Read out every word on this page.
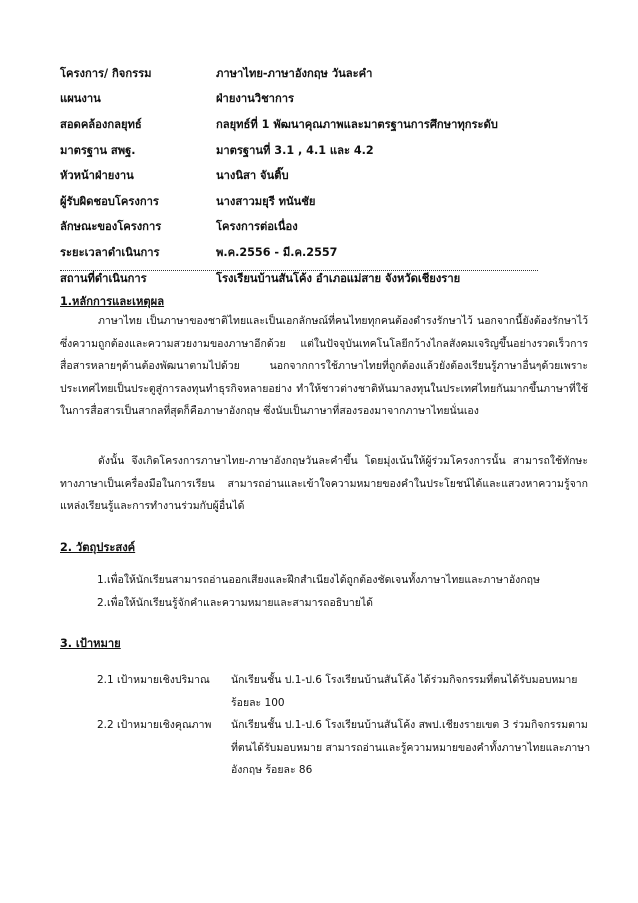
โครงการ/ กิจกรรม	ภาษาไทย-ภาษาอังกฤษ วันละคำ
แผนงาน	ฝ่ายงานวิชาการ
สอดคล้องกลยุทธ์	กลยุทธ์ที่ 1 พัฒนาคุณภาพและมาตรฐานการศึกษาทุกระดับ
มาตรฐาน สพฐ.	มาตรฐานที่ 3.1 , 4.1 และ 4.2
หัวหน้าฝ่ายงาน	นางนิสา จันติ๊บ
ผู้รับผิดชอบโครงการ	นางสาวมยุรี ทนันชัย
ลักษณะของโครงการ	โครงการต่อเนื่อง
ระยะเวลาดำเนินการ	พ.ค.2556 - มี.ค.2557
สถานที่ดำเนินการ	โรงเรียนบ้านสันโค้ง อำเภอแม่สาย จังหวัดเชียงราย
1.หลักการและเหตุผล
ภาษาไทย เป็นภาษาของชาติไทยและเป็นเอกลักษณ์ที่คนไทยทุกคนต้องดำรงรักษาไว้ นอกจากนี้ยังต้องรักษาไว้ซึ่งความถูกต้องและความสวยงามของภาษาอีกด้วย แต่ในปัจจุบันเทคโนโลยีกว้างไกลสังคมเจริญขึ้นอย่างรวดเร็วการสื่อสารหลายๆด้านต้องพัฒนาตามไปด้วย นอกจากการใช้ภาษาไทยที่ถูกต้องแล้วยังต้องเรียนรู้ภาษาอื่นๆด้วยเพราะประเทศไทยเป็นประตูสู่การลงทุนทำธุรกิจหลายอย่าง ทำให้ชาวต่างชาติหันมาลงทุนในประเทศไทยกันมากขึ้นภาษาที่ใช้ในการสื่อสารเป็นสากลที่สุดก็คือภาษาอังกฤษ ซึ่งนับเป็นภาษาที่สองรองมาจากภาษาไทยนั่นเอง
ดังนั้น จึงเกิดโครงการภาษาไทย-ภาษาอังกฤษวันละคำขึ้น โดยมุ่งเน้นให้ผู้ร่วมโครงการนั้น สามารถใช้ทักษะทางภาษาเป็นเครื่องมือในการเรียน สามารถอ่านและเข้าใจความหมายของคำในประโยชน์ได้และแสวงหาความรู้จากแหล่งเรียนรู้และการทำงานร่วมกับผู้อื่นได้
2. วัตถุประสงค์
1.เพื่อให้นักเรียนสามารถอ่านออกเสียงและฝึกสำเนียงได้ถูกต้องชัดเจนทั้งภาษาไทยและภาษาอังกฤษ
2.เพื่อให้นักเรียนรู้จักคำและความหมายและสามารถอธิบายได้
3. เป้าหมาย
2.1 เป้าหมายเชิงปริมาณ	นักเรียนชั้น ป.1-ป.6 โรงเรียนบ้านสันโค้ง ได้ร่วมกิจกรรมที่ตนได้รับมอบหมาย ร้อยละ 100
2.2 เป้าหมายเชิงคุณภาพ	นักเรียนชั้น ป.1-ป.6 โรงเรียนบ้านสันโค้ง สพป.เชียงรายเขต 3 ร่วมกิจกรรมตามที่ตนได้รับมอบหมาย สามารถอ่านและรู้ความหมายของคำทั้งภาษาไทยและภาษาอังกฤษ ร้อยละ 86
